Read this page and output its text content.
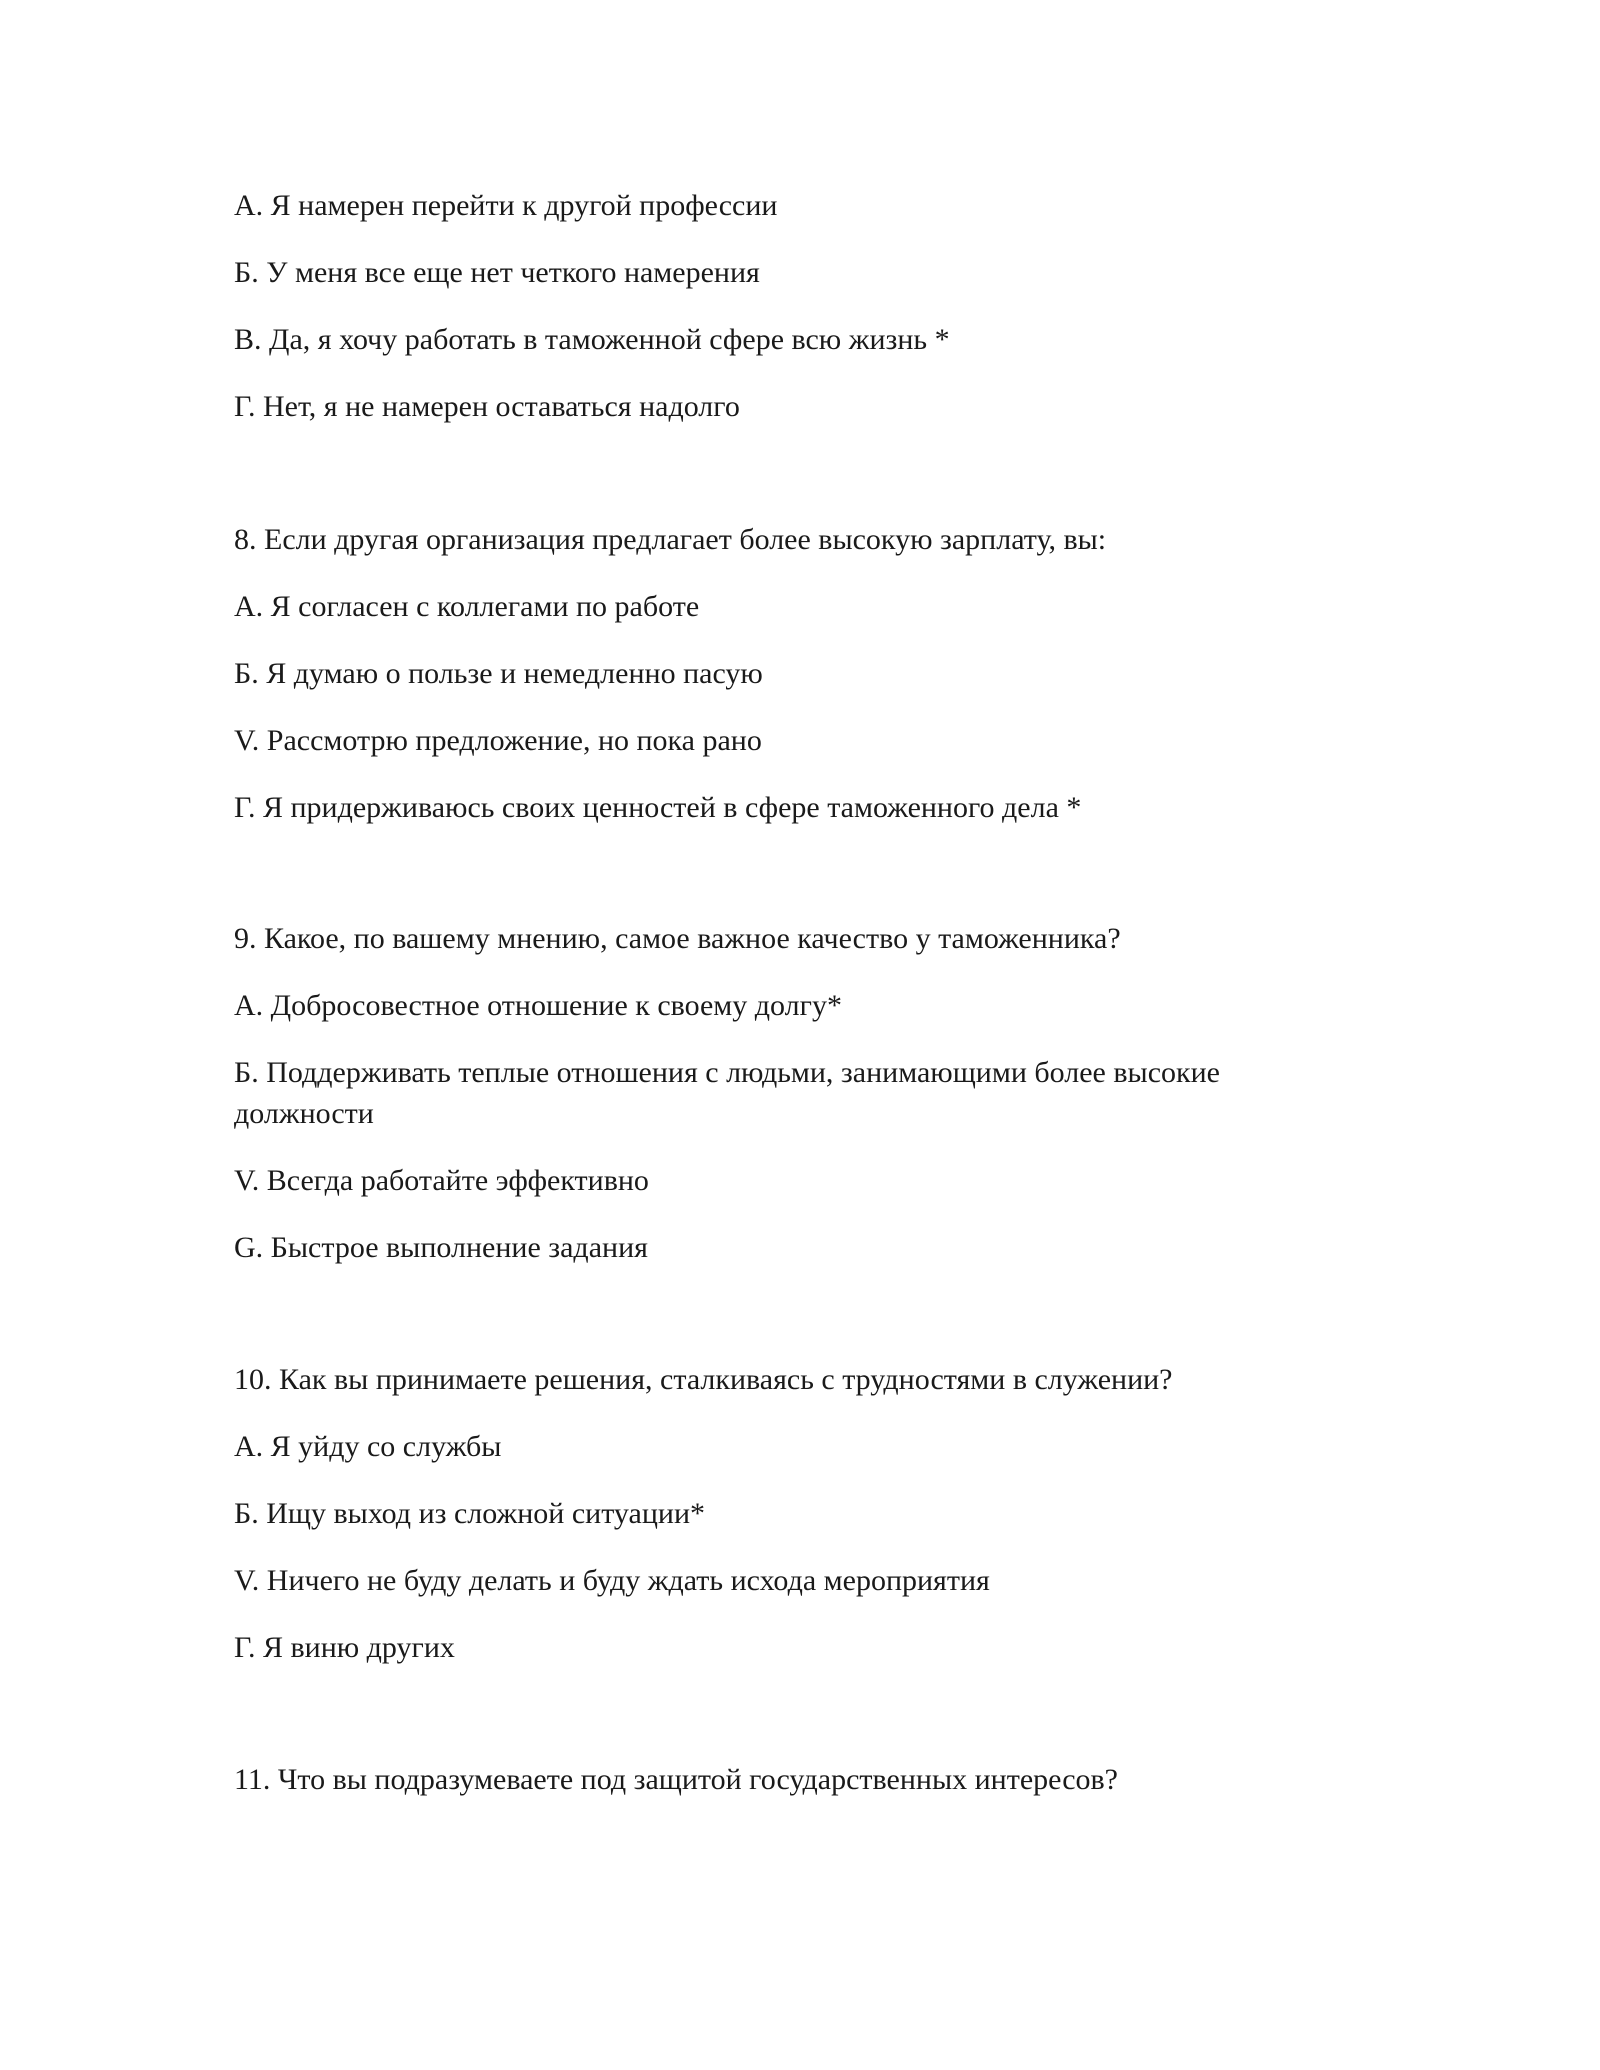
А. Я намерен перейти к другой профессии

Б. У меня все еще нет четкого намерения

В. Да, я хочу работать в таможенной сфере всю жизнь *

Г. Нет, я не намерен оставаться надолго

8. Если другая организация предлагает более высокую зарплату, вы:

А. Я согласен с коллегами по работе

Б. Я думаю о пользе и немедленно пасую

V. Рассмотрю предложение, но пока рано

Г. Я придерживаюсь своих ценностей в сфере таможенного дела *

9. Какое, по вашему мнению, самое важное качество у таможенника?

А. Добросовестное отношение к своему долгу*

Б. Поддерживать теплые отношения с людьми, занимающими более высокие должности

V. Всегда работайте эффективно

G. Быстрое выполнение задания

10. Как вы принимаете решения, сталкиваясь с трудностями в служении?

А. Я уйду со службы

Б. Ищу выход из сложной ситуации*

V. Ничего не буду делать и буду ждать исхода мероприятия

Г. Я виню других

11. Что вы подразумеваете под защитой государственных интересов?
